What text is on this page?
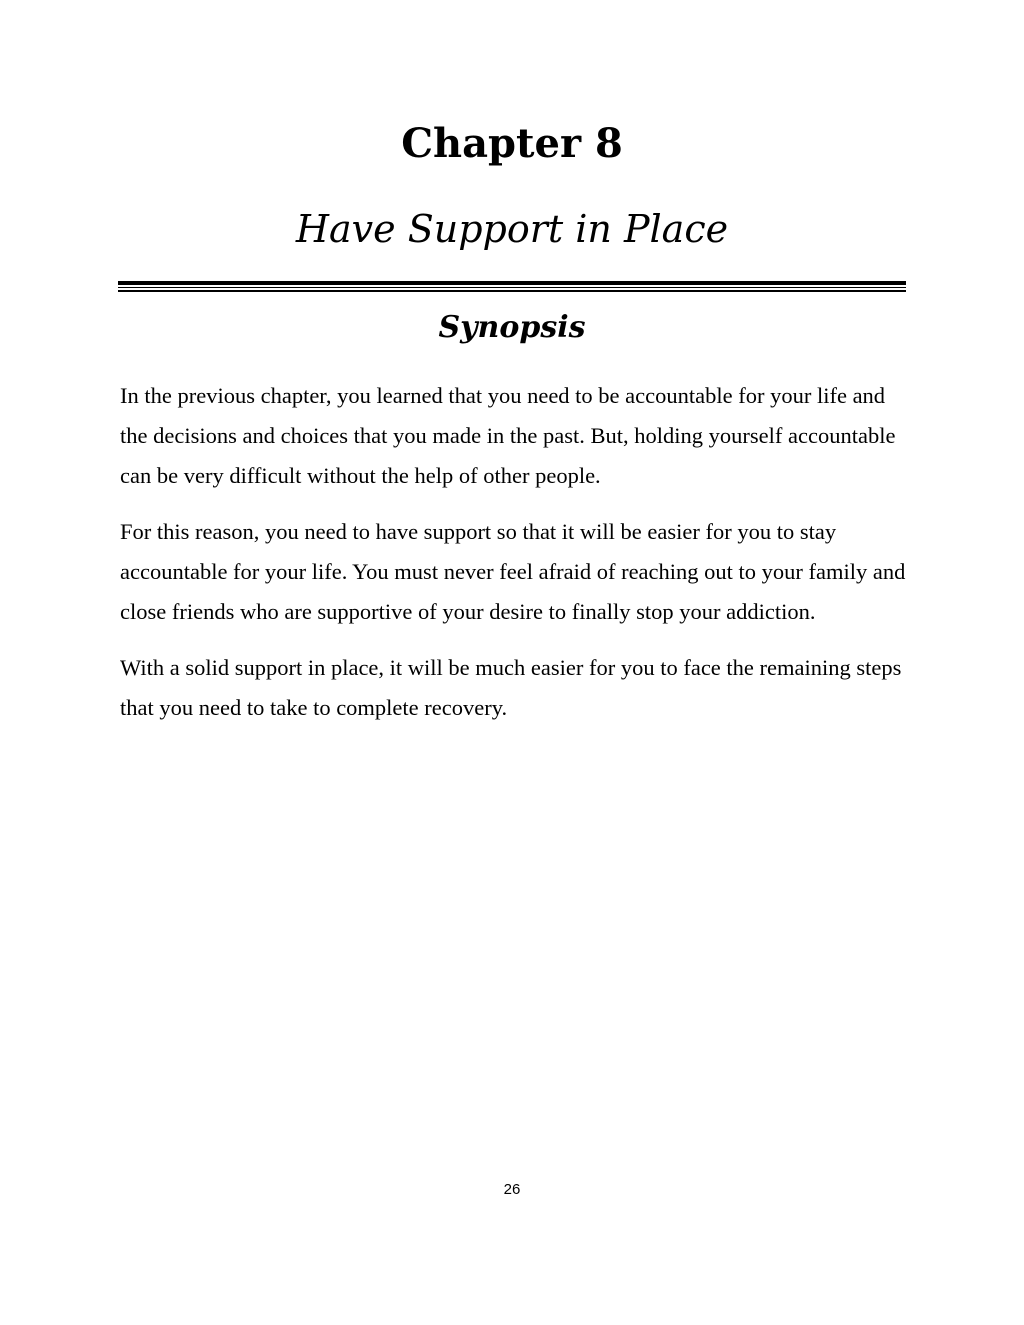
Chapter 8
Have Support in Place
Synopsis

In the previous chapter, you learned that you need to be accountable for your life and the decisions and choices that you made in the past. But, holding yourself accountable can be very difficult without the help of other people.

For this reason, you need to have support so that it will be easier for you to stay accountable for your life. You must never feel afraid of reaching out to your family and close friends who are supportive of your desire to finally stop your addiction.

With a solid support in place, it will be much easier for you to face the remaining steps that you need to take to complete recovery.

26
